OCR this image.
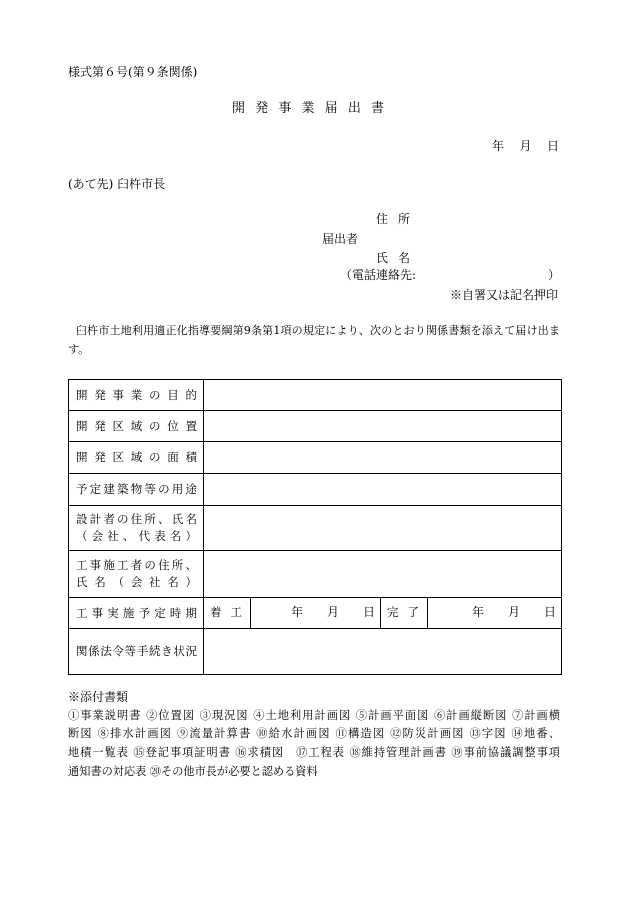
様式第６号(第９条関係)
開発事業届出書
年　月　日
(あて先) 臼杵市長
住所
届出者
氏名
（電話連絡先:	）
※自署又は記名押印
臼杵市土地利用適正化指導要綱第9条第1項の規定により、次のとおり関係書類を添えて届け出ま
す。
開発事業の目的				

開発区域の位置				

開発区域の面積				

予定建築物等の用途				

設計者の住所、氏名
（会社、代表名）				

工事施工者の住所、
氏名（会社名）				

工事実施予定時期	着工	年　　月　　日	完了	年　　月　　日

関係法令等手続き状況				

※添付書類
①事業説明書 ②位置図 ③現況図 ④土地利用計画図 ⑤計画平面図 ⑥計画縦断図 ⑦計画横
断図 ⑧排水計画図 ⑨流量計算書 ⑩給水計画図 ⑪構造図 ⑫防災計画図 ⑬字図 ⑭地番、
地積一覧表 ⑮登記事項証明書 ⑯求積図　⑰工程表 ⑱維持管理計画書 ⑲事前協議調整事項
通知書の対応表 ⑳その他市長が必要と認める資料
